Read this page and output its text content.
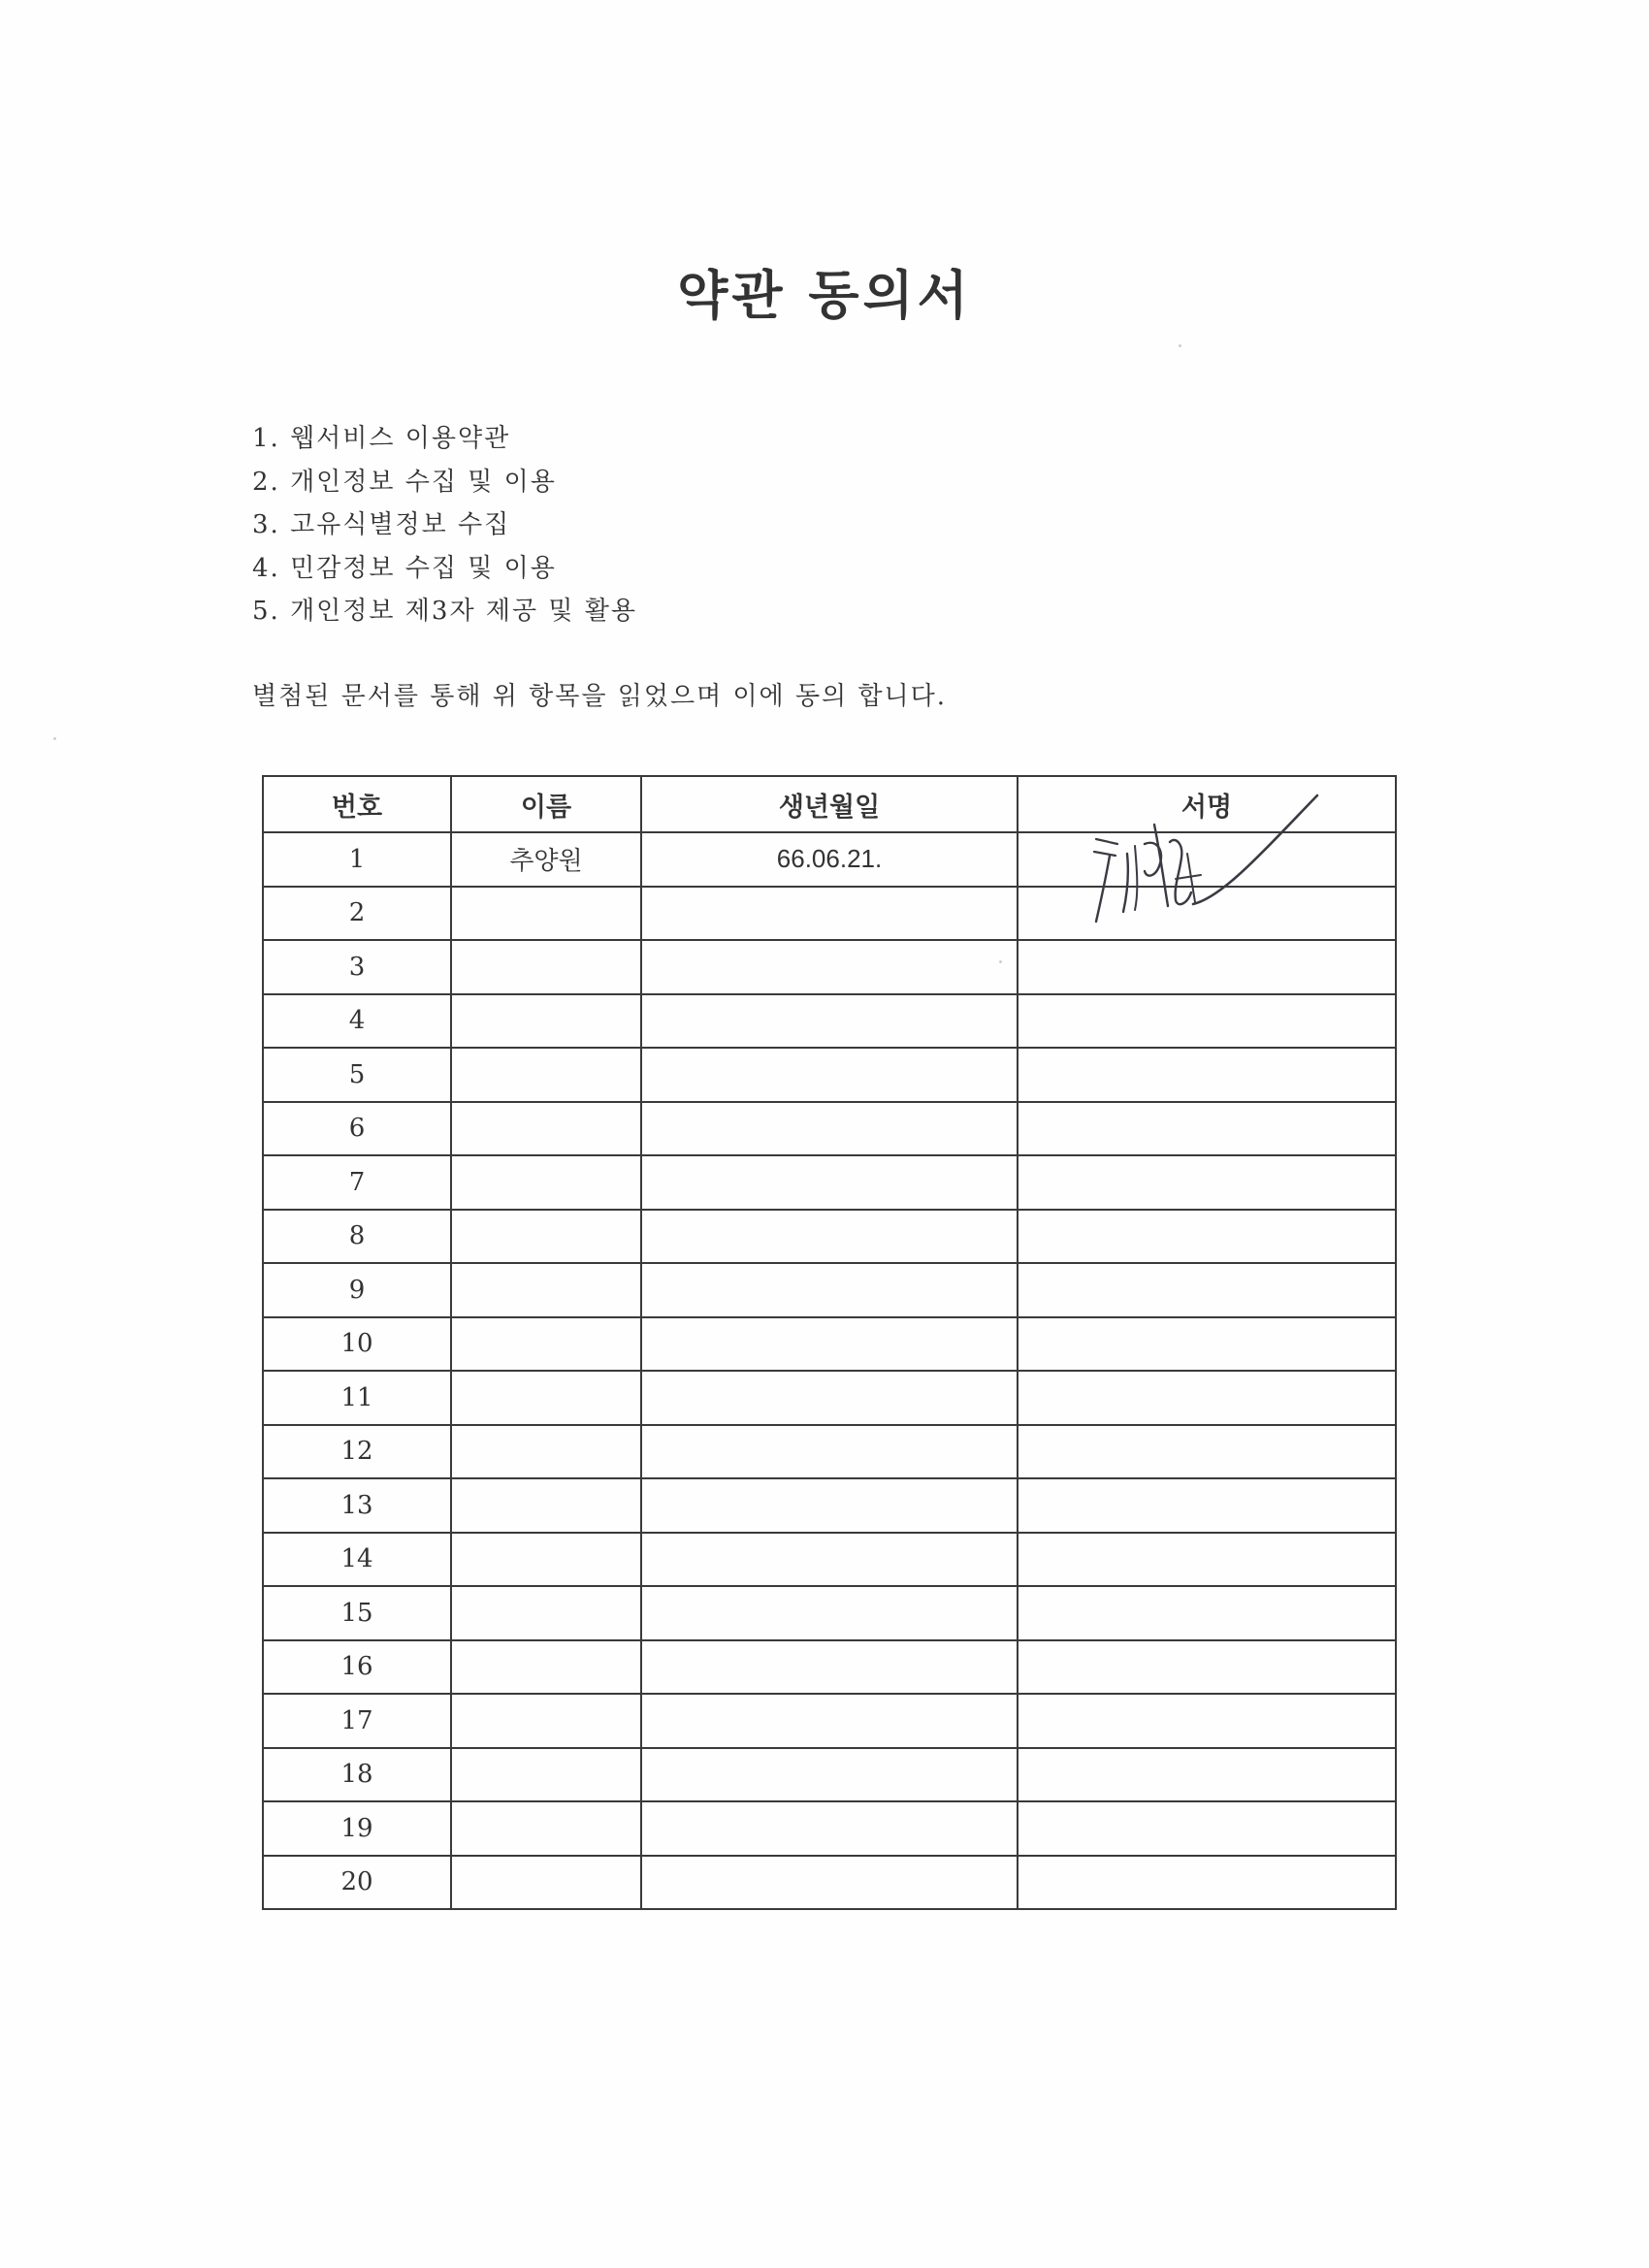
약관 동의서
1. 웹서비스 이용약관
2. 개인정보 수집 및 이용
3. 고유식별정보 수집
4. 민감정보 수집 및 이용
5. 개인정보 제3자 제공 및 활용
별첨된 문서를 통해 위 항목을 읽었으며 이에 동의 합니다.
번호	이름	생년월일	서명
1	추양원	66.06.21.	
2			
3			
4			
5			
6			
7			
8			
9			
10			
11			
12			
13			
14			
15			
16			
17			
18			
19			
20			
